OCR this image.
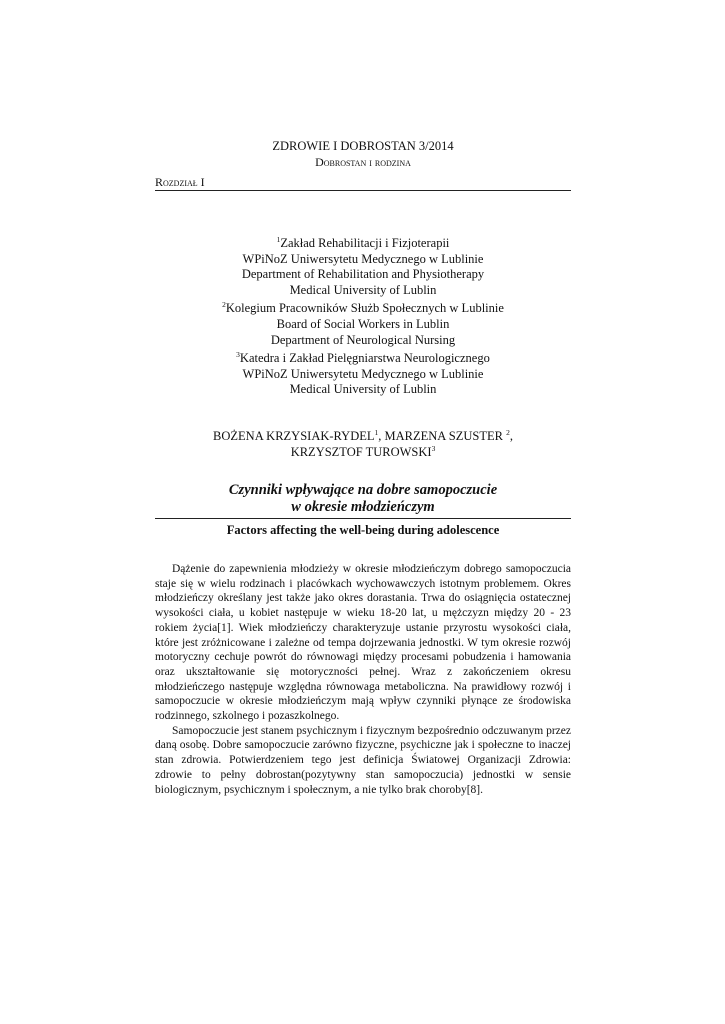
ZDROWIE I DOBROSTAN 3/2014
Dobrostan i rodzina
Rozdział I
$^1$Zakład Rehabilitacji i Fizjoterapii
WPiNoZ Uniwersytetu Medycznego w Lublinie
Department of Rehabilitation and Physiotherapy
Medical University of Lublin
$^2$Kolegium Pracowników Służb Społecznych w Lublinie
Board of Social Workers in Lublin
Department of Neurological Nursing
$^3$Katedra i Zakład Pielęgniarstwa Neurologicznego
WPiNoZ Uniwersytetu Medycznego w Lublinie
Medical University of Lublin
BOŻENA KRZYSIAK-RYDEL$^1$, MARZENA SZUSTER $^2$,
KRZYSZTOF TUROWSKI$^3$
Czynniki wpływające na dobre samopoczucie
w okresie młodzieńczym
Factors affecting the well-being during adolescence

Dążenie do zapewnienia młodzieży w okresie młodzieńczym dobrego samopoczucia staje się w wielu rodzinach i placówkach wychowawczych istotnym problemem. Okres młodzieńczy określany jest także jako okres dorastania. Trwa do osiągnięcia ostatecznej wysokości ciała, u kobiet następuje w wieku 18-20 lat, u mężczyzn między 20 - 23 rokiem życia[1]. Wiek młodzieńczy charakteryzuje ustanie przyrostu wysokości ciała, które jest zróżnicowane i zależne od tempa dojrzewania jednostki. W tym okresie rozwój motoryczny cechuje powrót do równowagi między procesami pobudzenia i hamowania oraz ukształtowanie się motoryczności pełnej. Wraz z zakończeniem okresu młodzieńczego następuje względna równowaga metaboliczna. Na prawidłowy rozwój i samopoczucie w okresie młodzieńczym mają wpływ czynniki płynące ze środowiska rodzinnego, szkolnego i pozaszkolnego.

Samopoczucie jest stanem psychicznym i fizycznym bezpośrednio odczuwanym przez daną osobę. Dobre samopoczucie zarówno fizyczne, psychiczne jak i społeczne to inaczej stan zdrowia. Potwierdzeniem tego jest definicja Światowej Organizacji Zdrowia: zdrowie to pełny dobrostan(pozytywny stan samopoczucia) jednostki w sensie biologicznym, psychicznym i społecznym, a nie tylko brak choroby[8].
